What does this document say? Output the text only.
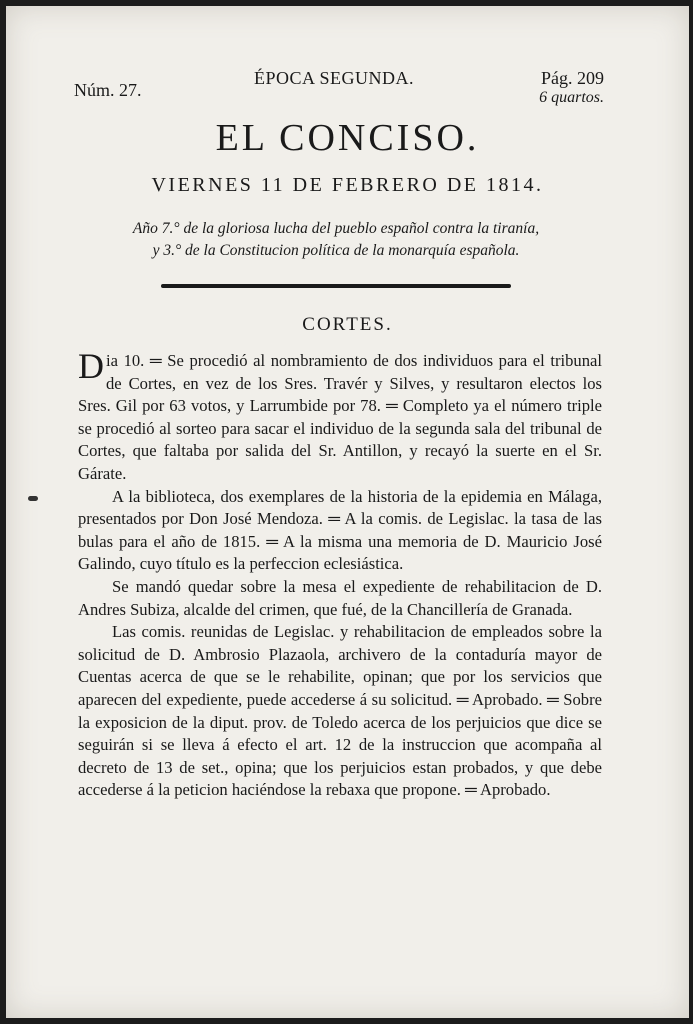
Núm. 27.
ÉPOCA SEGUNDA.	Pág. 209
6 quartos.
EL CONCISO.
VIERNES 11 DE FEBRERO DE 1814.
Año 7.° de la gloriosa lucha del pueblo español contra la tiranía,
y 3.° de la Constitucion política de la monarquía española.
CORTES.

Dia 10. ═ Se procedió al nombramiento de dos individuos para el tribunal de Cortes, en vez de los Sres. Travér y Silves, y resultaron electos los Sres. Gil por 63 votos, y Larrumbide por 78. ═ Completo ya el número triple se procedió al sorteo para sacar el individuo de la segunda sala del tribunal de Cortes, que faltaba por salida del Sr. Antillon, y recayó la suerte en el Sr. Gárate.

A la biblioteca, dos exemplares de la historia de la epidemia en Málaga, presentados por Don José Mendoza. ═ A la comis. de Legislac. la tasa de las bulas para el año de 1815. ═ A la misma una memoria de D. Mauricio José Galindo, cuyo título es la perfeccion eclesiástica.

Se mandó quedar sobre la mesa el expediente de rehabilitacion de D. Andres Subiza, alcalde del crimen, que fué, de la Chancillería de Granada.

Las comis. reunidas de Legislac. y rehabilitacion de empleados sobre la solicitud de D. Ambrosio Plazaola, archivero de la contaduría mayor de Cuentas acerca de que se le rehabilite, opinan; que por los servicios que aparecen del expediente, puede accederse á su solicitud. ═ Aprobado. ═ Sobre la exposicion de la diput. prov. de Toledo acerca de los perjuicios que dice se seguirán si se lleva á efecto el art. 12 de la instruccion que acompaña al decreto de 13 de set., opina; que los perjuicios estan probados, y que debe accederse á la peticion haciéndose la rebaxa que propone. ═ Aprobado.
